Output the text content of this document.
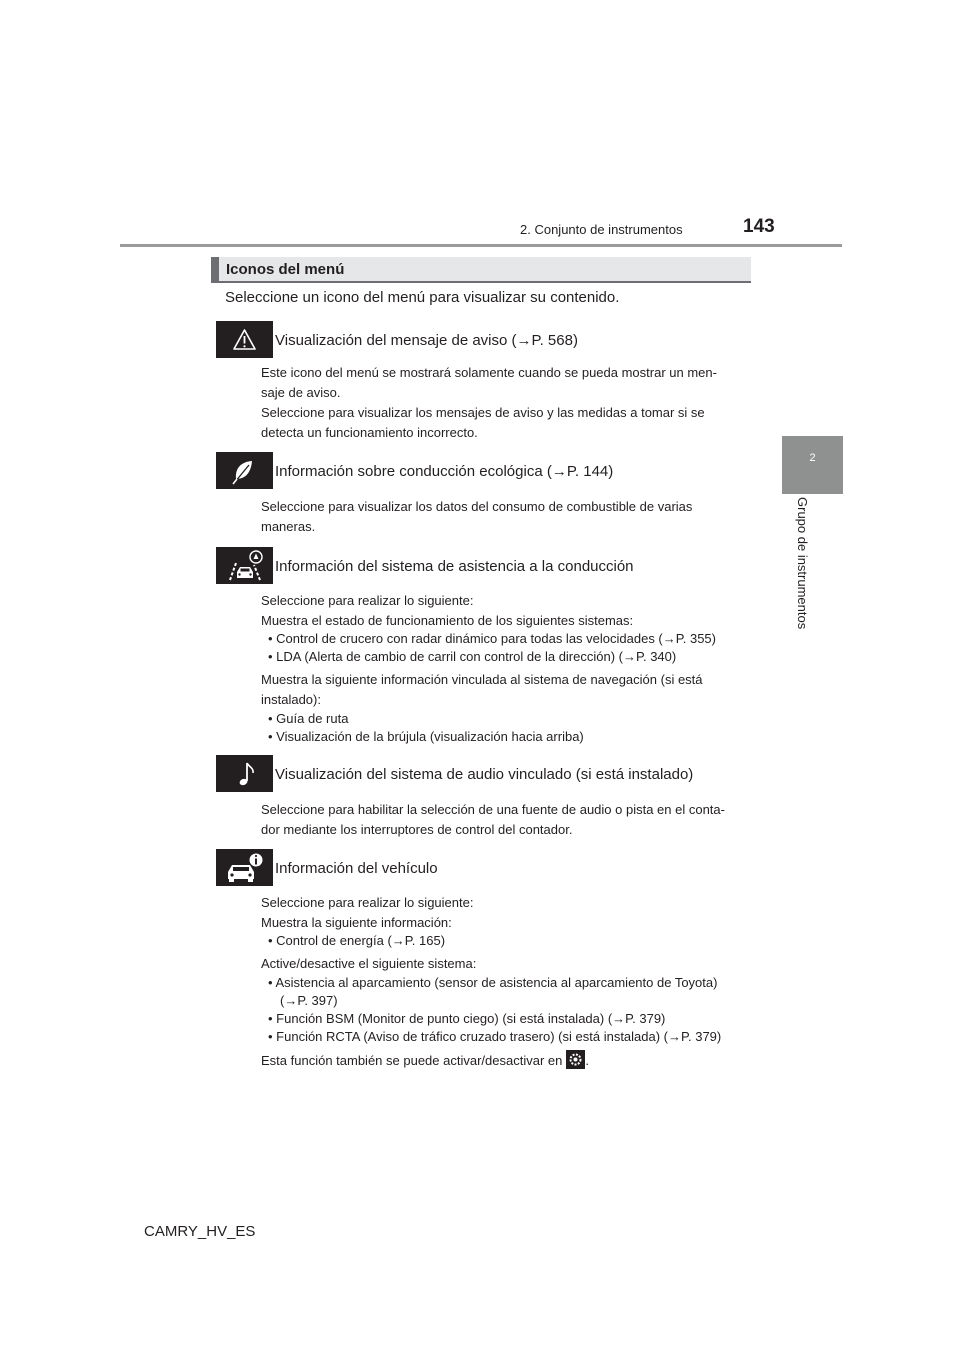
2. Conjunto de instrumentos	143
2
Grupo de instrumentos
Iconos del menú
Seleccione un icono del menú para visualizar su contenido.
Visualización del mensaje de aviso (→P. 568)
Este icono del menú se mostrará solamente cuando se pueda mostrar un men-
saje de aviso.
Seleccione para visualizar los mensajes de aviso y las medidas a tomar si se
detecta un funcionamiento incorrecto.
Información sobre conducción ecológica (→P. 144)
Seleccione para visualizar los datos del consumo de combustible de varias
maneras.
Información del sistema de asistencia a la conducción
Seleccione para realizar lo siguiente:
Muestra el estado de funcionamiento de los siguientes sistemas:
• Control de crucero con radar dinámico para todas las velocidades (→P. 355)
• LDA (Alerta de cambio de carril con control de la dirección) (→P. 340)
Muestra la siguiente información vinculada al sistema de navegación (si está
instalado):
• Guía de ruta
• Visualización de la brújula (visualización hacia arriba)
Visualización del sistema de audio vinculado (si está instalado)
Seleccione para habilitar la selección de una fuente de audio o pista en el conta-
dor mediante los interruptores de control del contador.
Información del vehículo
Seleccione para realizar lo siguiente:
Muestra la siguiente información:
• Control de energía (→P. 165)
Active/desactive el siguiente sistema:
• Asistencia al aparcamiento (sensor de asistencia al aparcamiento de Toyota)
(→P. 397)
• Función BSM (Monitor de punto ciego) (si está instalada) (→P. 379)
• Función RCTA (Aviso de tráfico cruzado trasero) (si está instalada) (→P. 379)
Esta función también se puede activar/desactivar en .
CAMRY_HV_ES
